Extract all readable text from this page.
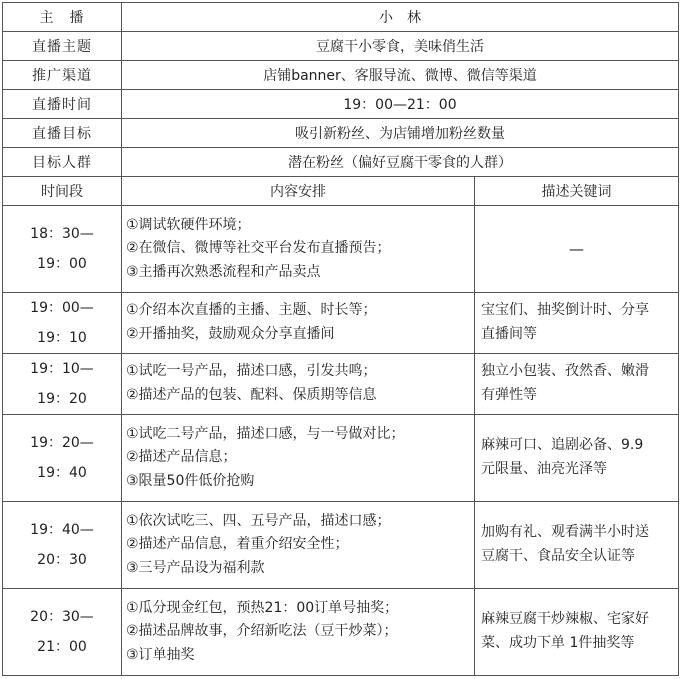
主　播	小　林	
直播主题	豆腐干小零食，美味俏生活	
推广渠道	店铺banner、客服导流、微博、微信等渠道	
直播时间	19：00—21：00	
直播目标	吸引新粉丝、为店铺增加粉丝数量	
目标人群	潜在粉丝（偏好豆腐干零食的人群）	
时间段	内容安排	描述关键词

18：30—
19：00	①调试软硬件环境；
②在微信、微博等社交平台发布直播预告；
③主播再次熟悉流程和产品卖点	—

19：00—
19：10	①介绍本次直播的主播、主题、时长等；
②开播抽奖，鼓励观众分享直播间	宝宝们、抽奖倒计时、分享
直播间等

19：10—
19：20	①试吃一号产品，描述口感，引发共鸣；
②描述产品的包装、配料、保质期等信息	独立小包装、孜然香、嫩滑
有弹性等

19：20—
19：40	①试吃二号产品，描述口感，与一号做对比；
②描述产品信息；
③限量50件低价抢购	麻辣可口、追剧必备、9.9
元限量、油亮光泽等

19：40—
20：30	①依次试吃三、四、五号产品，描述口感；
②描述产品信息，着重介绍安全性；
③三号产品设为福利款	加购有礼、观看满半小时送
豆腐干、食品安全认证等

20：30—
21：00	①瓜分现金红包，预热21：00订单号抽奖；
②描述品牌故事，介绍新吃法（豆干炒菜）；
③订单抽奖	麻辣豆腐干炒辣椒、宅家好
菜、成功下单 1件抽奖等
